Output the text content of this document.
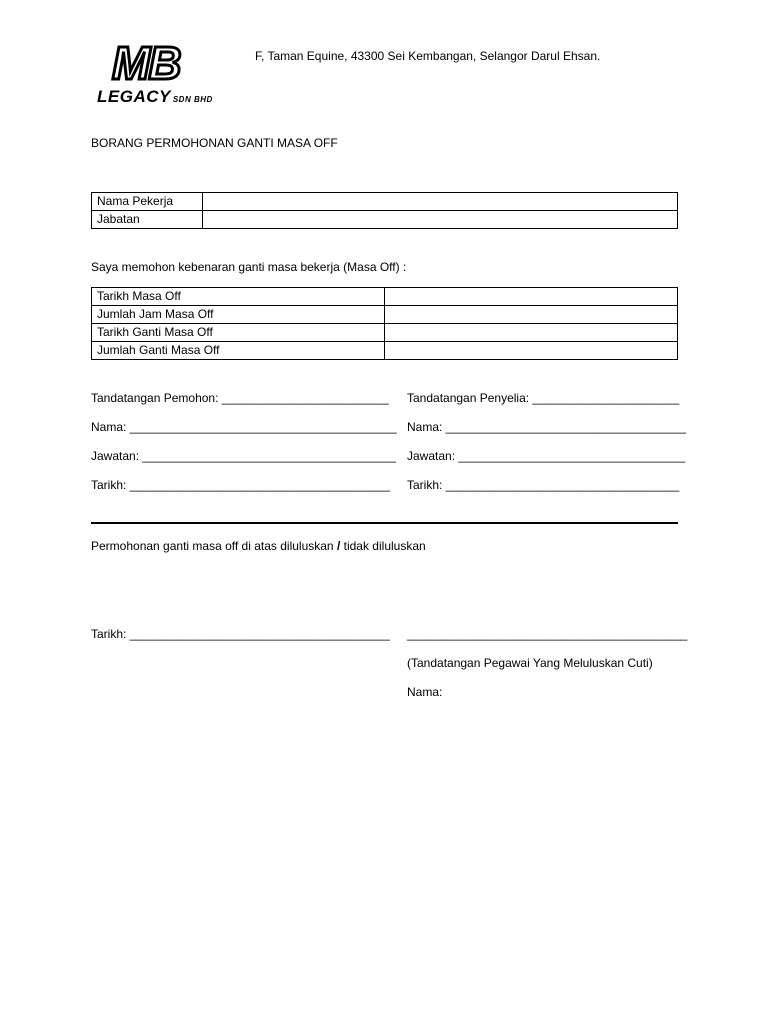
MB
LEGACY SDN BHD
F, Taman Equine, 43300 Sei Kembangan, Selangor Darul Ehsan.
BORANG PERMOHONAN GANTI MASA OFF
Nama Pekerja	
Jabatan	
Saya memohon kebenaran ganti masa bekerja (Masa Off) :
Tarikh Masa Off	
Jumlah Jam Masa Off	
Tarikh Ganti Masa Off	
Jumlah Ganti Masa Off	
Tandatangan Pemohon: _________________________
Nama: ________________________________________
Jawatan: ______________________________________
Tarikh: _______________________________________
Tandatangan Penyelia: ______________________
Nama: ____________________________________
Jawatan: __________________________________
Tarikh: ___________________________________
Permohonan ganti masa off di atas diluluskan / tidak diluluskan
Tarikh: _______________________________________ __________________________________________
(Tandatangan Pegawai Yang Meluluskan Cuti)
Nama:
